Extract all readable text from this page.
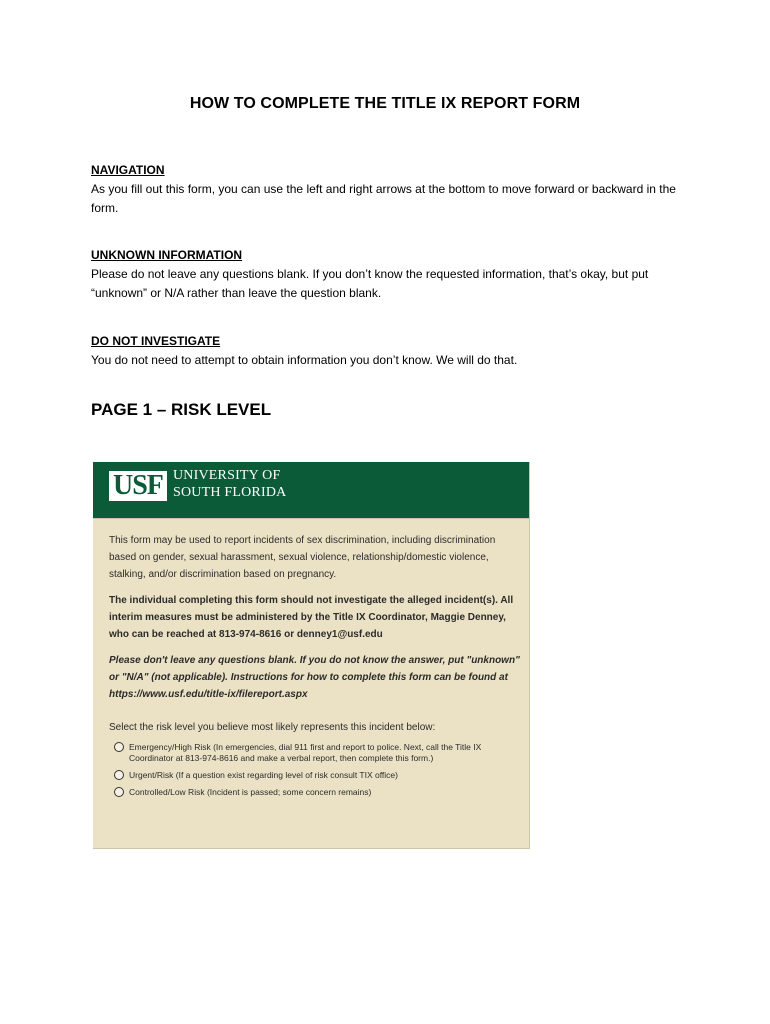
HOW TO COMPLETE THE TITLE IX REPORT FORM
NAVIGATION
As you fill out this form, you can use the left and right arrows at the bottom to move forward or backward in the form.
UNKNOWN INFORMATION
Please do not leave any questions blank. If you don’t know the requested information, that’s okay, but put “unknown” or N/A rather than leave the question blank.
DO NOT INVESTIGATE
You do not need to attempt to obtain information you don’t know. We will do that.
PAGE 1 – RISK LEVEL
USF UNIVERSITY OF
SOUTH FLORIDA

This form may be used to report incidents of sex discrimination, including discrimination based on gender, sexual harassment, sexual violence, relationship/domestic violence, stalking, and/or discrimination based on pregnancy.

The individual completing this form should not investigate the alleged incident(s). All interim measures must be administered by the Title IX Coordinator, Maggie Denney, who can be reached at 813-974-8616 or denney1@usf.edu

Please don't leave any questions blank. If you do not know the answer, put "unknown" or "N/A" (not applicable). Instructions for how to complete this form can be found at https://www.usf.edu/title-ix/filereport.aspx

Select the risk level you believe most likely represents this incident below:

Emergency/High Risk (In emergencies, dial 911 first and report to police. Next, call the Title IX Coordinator at 813-974-8616 and make a verbal report, then complete this form.)
Urgent/Risk (If a question exist regarding level of risk consult TIX office)
Controlled/Low Risk (Incident is passed; some concern remains)
